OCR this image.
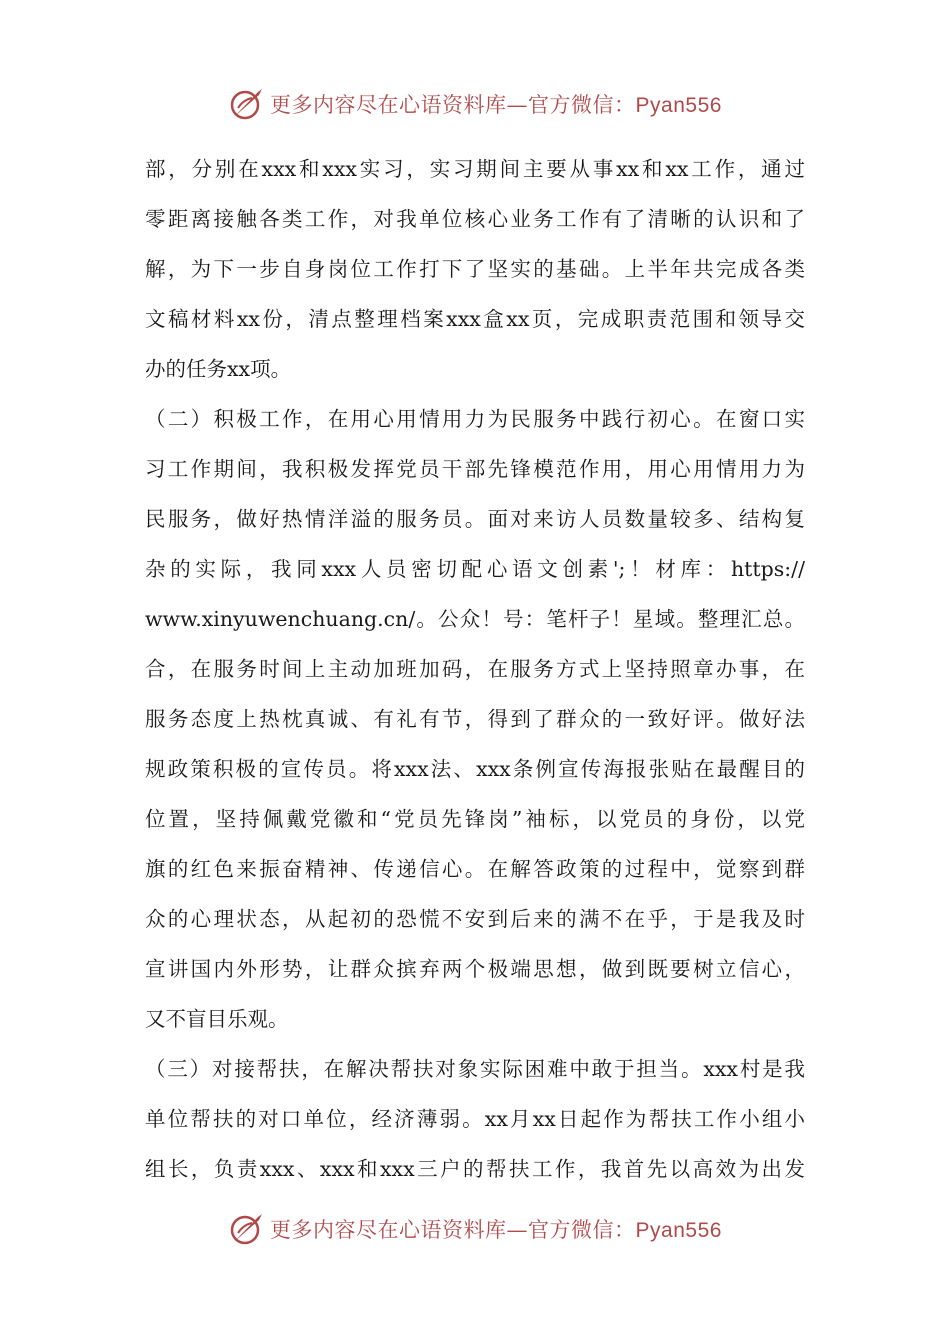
更多内容尽在心语资料库—官方微信：Pyan556
部，分别在xxx和xxx实习，实习期间主要从事xx和xx工作，通过
零距离接触各类工作，对我单位核心业务工作有了清晰的认识和了
解，为下一步自身岗位工作打下了坚实的基础。上半年共完成各类
文稿材料xx份，清点整理档案xxx盒xx页，完成职责范围和领导交
办的任务xx项。
（二）积极工作，在用心用情用力为民服务中践行初心。在窗口实
习工作期间，我积极发挥党员干部先锋模范作用，用心用情用力为
民服务，做好热情洋溢的服务员。面对来访人员数量较多、结构复
杂的实际，我同xxx人员密切配心语文创素';！材库：https://
www.xinyuwenchuang.cn/。公众！号：笔杆子！星域。整理汇总。
合，在服务时间上主动加班加码，在服务方式上坚持照章办事，在
服务态度上热枕真诚、有礼有节，得到了群众的一致好评。做好法
规政策积极的宣传员。将xxx法、xxx条例宣传海报张贴在最醒目的
位置，坚持佩戴党徽和“党员先锋岗”袖标，以党员的身份，以党
旗的红色来振奋精神、传递信心。在解答政策的过程中，觉察到群
众的心理状态，从起初的恐慌不安到后来的满不在乎，于是我及时
宣讲国内外形势，让群众摈弃两个极端思想，做到既要树立信心，
又不盲目乐观。
（三）对接帮扶，在解决帮扶对象实际困难中敢于担当。xxx村是我
单位帮扶的对口单位，经济薄弱。xx月xx日起作为帮扶工作小组小
组长，负责xxx、xxx和xxx三户的帮扶工作，我首先以高效为出发
更多内容尽在心语资料库—官方微信：Pyan556
